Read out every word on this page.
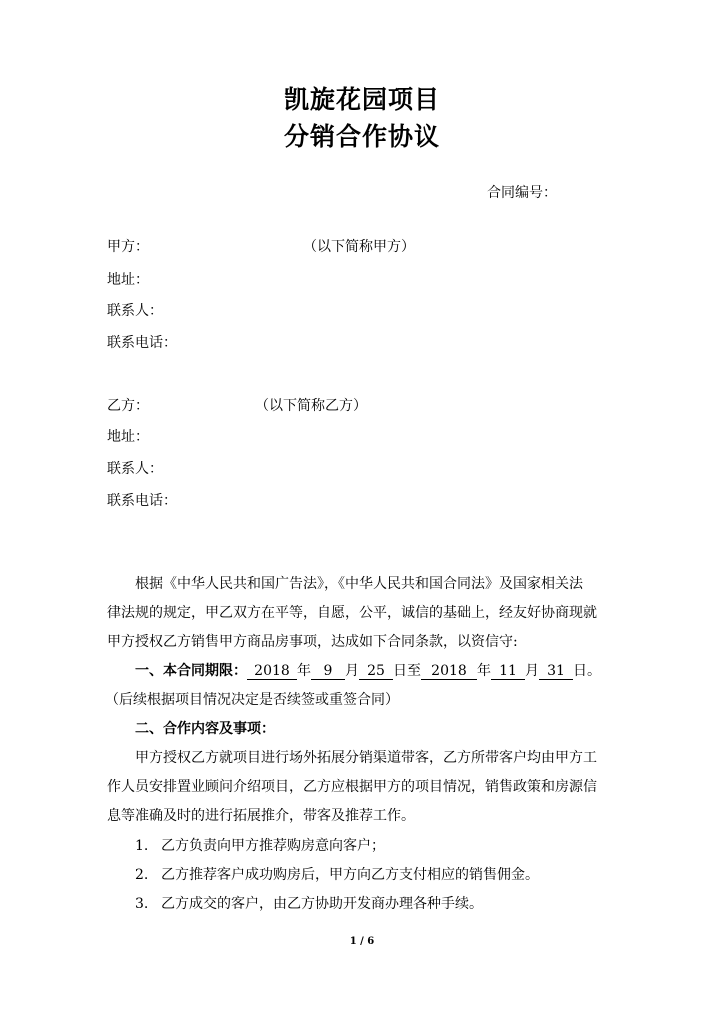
凯旋花园项目
分销合作协议
合同编号：
甲方：	（以下简称甲方）
地址：
联系人：
联系电话：
乙方：	（以下简称乙方）
地址：
联系人：
联系电话：
根据《中华人民共和国广告法》，《中华人民共和国合同法》及国家相关法
律法规的规定，甲乙双方在平等，自愿，公平，诚信的基础上，经友好协商现就
甲方授权乙方销售甲方商品房事项，达成如下合同条款，以资信守:
一、本合同期限： 2018 年 9 月 25 日至 2018 年 11 月 31 日。
（后续根据项目情况决定是否续签或重签合同）
二、合作内容及事项：
甲方授权乙方就项目进行场外拓展分销渠道带客，乙方所带客户均由甲方工
作人员安排置业顾问介绍项目，乙方应根据甲方的项目情况，销售政策和房源信
息等准确及时的进行拓展推介，带客及推荐工作。
1. 乙方负责向甲方推荐购房意向客户；
2. 乙方推荐客户成功购房后，甲方向乙方支付相应的销售佣金。
3. 乙方成交的客户，由乙方协助开发商办理各种手续。
1 / 6
